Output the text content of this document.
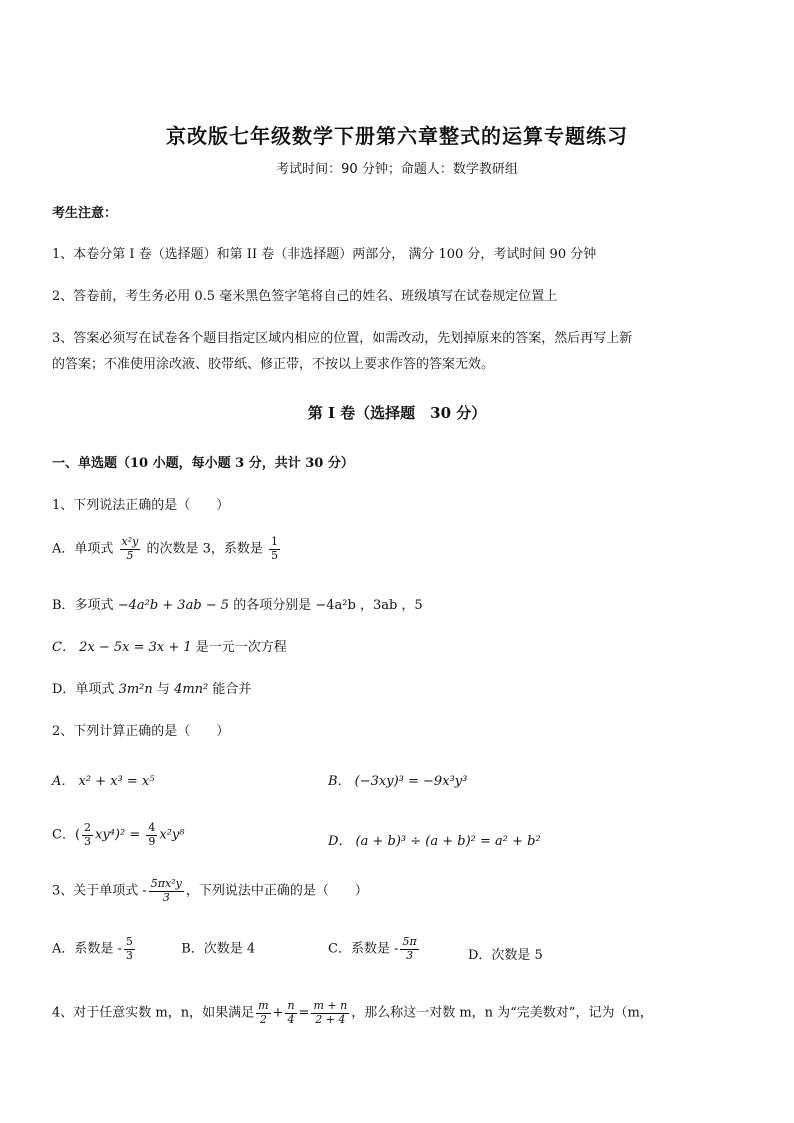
京改版七年级数学下册第六章整式的运算专题练习
考试时间：90 分钟；命题人：数学教研组
考生注意：
1、本卷分第 I 卷（选择题）和第 II 卷（非选择题）两部分， 满分 100 分，考试时间 90 分钟
2、答卷前，考生务必用 0.5 毫米黑色签字笔将自己的姓名、班级填写在试卷规定位置上
3、答案必须写在试卷各个题目指定区域内相应的位置，如需改动，先划掉原来的答案，然后再写上新
的答案；不准使用涂改液、胶带纸、修正带，不按以上要求作答的答案无效。
第 I 卷（选择题　30 分）
一、单选题（10 小题，每小题 3 分，共计 30 分）
1、下列说法正确的是（　　）
A．单项式 $\frac{\text{x²y}}{5}$ 的次数是 3，系数是 $\frac{1}{5}$
B．多项式 −4a²b + 3ab − 5 的各项分别是 −4a²b ，3ab ，5
C． 2x − 5x = 3x + 1 是一元一次方程
D．单项式 3m²n 与 4mn² 能合并
2、下列计算正确的是（　　）
A． x² + x³ = x⁵	B． (−3xy)³ = −9x³y³
C．( $\frac{2}{3} xy^4)^2 = \frac{4}{9} x^2y^8$	D． (a + b)³ ÷ (a + b)² = a² + b²
3、关于单项式 - $\frac{\text{5πx²y}}{3}$ ，下列说法中正确的是（　　）
A．系数是 - $\frac{5}{3}$	B．次数是 4	C．系数是 - $\frac{5\pi}{3}$	D．次数是 5
4、对于任意实数 m，n，如果满足 $\frac{m}{2} + \frac{n}{4} = \frac{m + n}{2 + 4}$ ，那么称这一对数 m，n 为“完美数对”，记为（m，
